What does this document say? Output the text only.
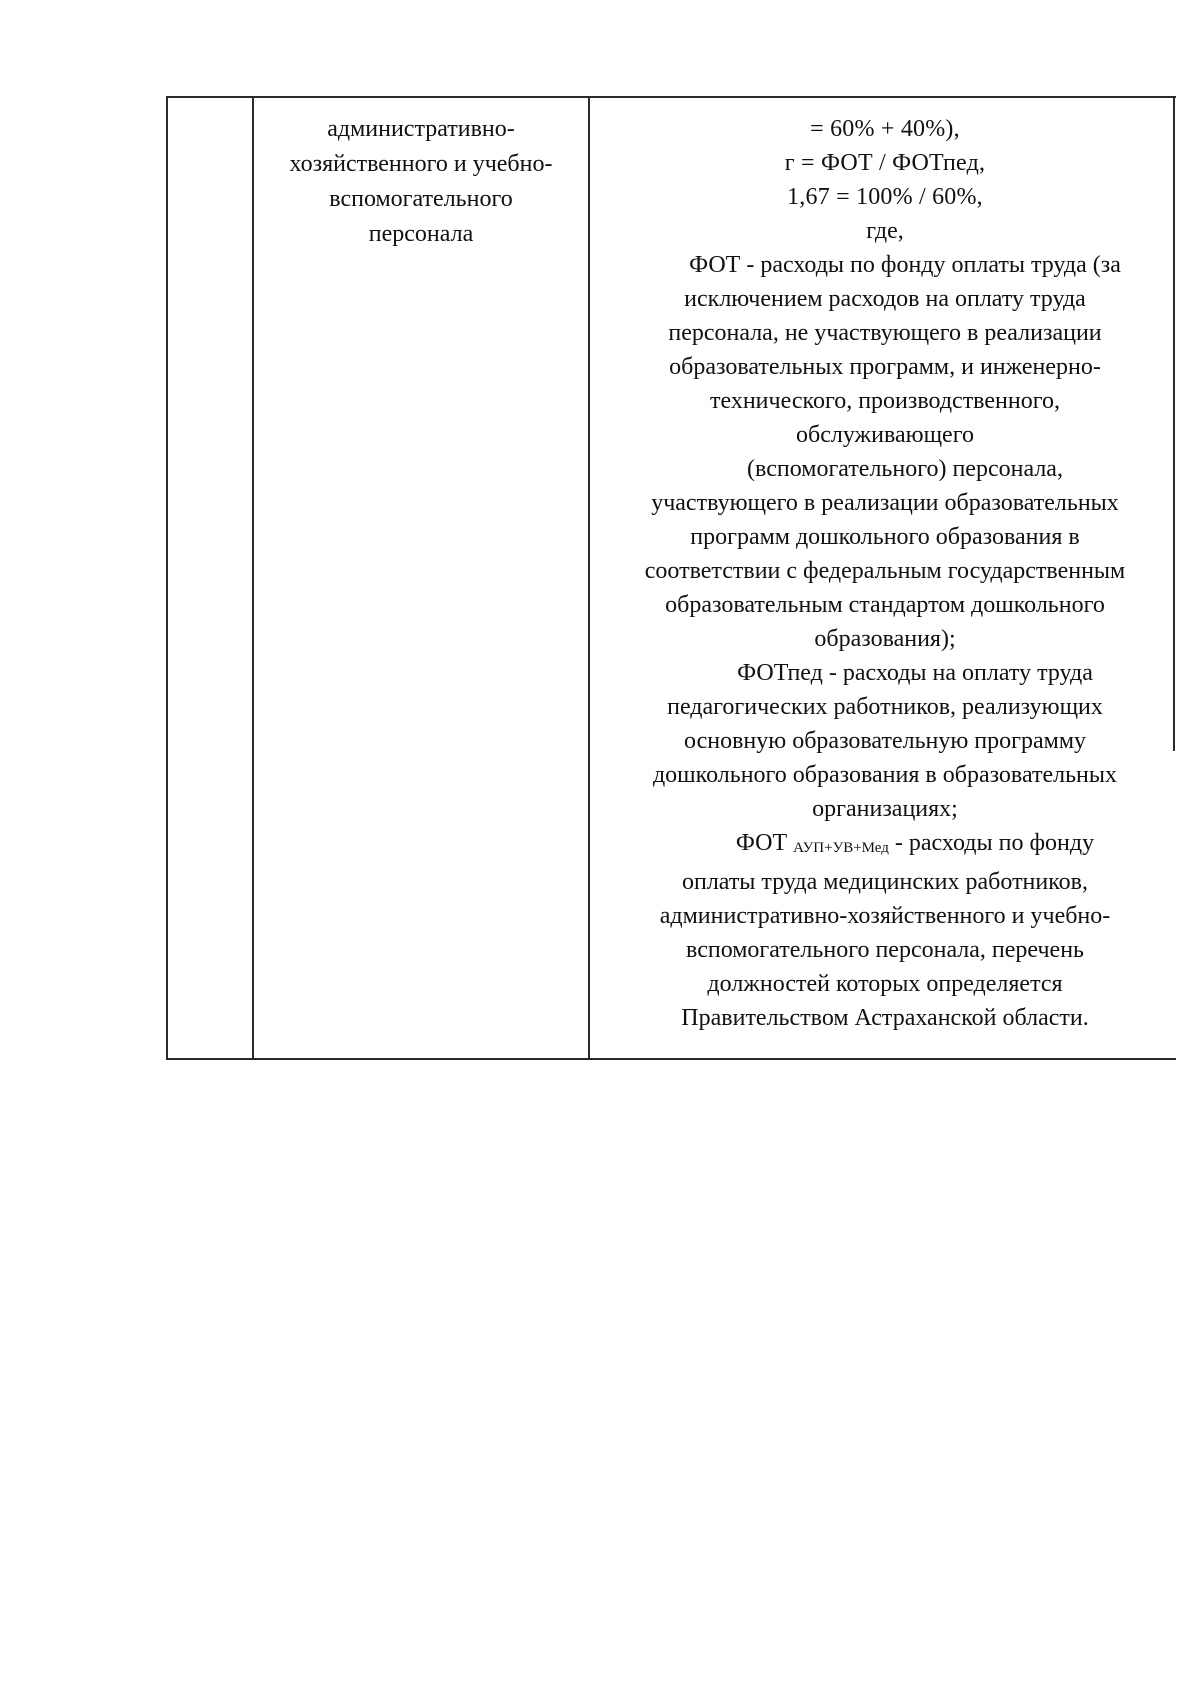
административно-
хозяйственного и учебно-
вспомогательного
персонала

= 60% + 40%),
г = ФОТ / ФОТпед,
1,67 = 100% / 60%,
где,
ФОТ - расходы по фонду оплаты труда (за
исключением расходов на оплату труда
персонала, не участвующего в реализации
образовательных программ, и инженерно-
технического, производственного,
обслуживающего
(вспомогательного) персонала,
участвующего в реализации образовательных
программ дошкольного образования в
соответствии с федеральным государственным
образовательным стандартом дошкольного
образования);
ФОТпед - расходы на оплату труда
педагогических работников, реализующих
основную образовательную программу
дошкольного образования в образовательных
организациях;
ФОТ $_{АУП+УВ+Мед}$ - расходы по фонду
оплаты труда медицинских работников,
административно-хозяйственного и учебно-
вспомогательного персонала, перечень
должностей которых определяется
Правительством Астраханской области.
